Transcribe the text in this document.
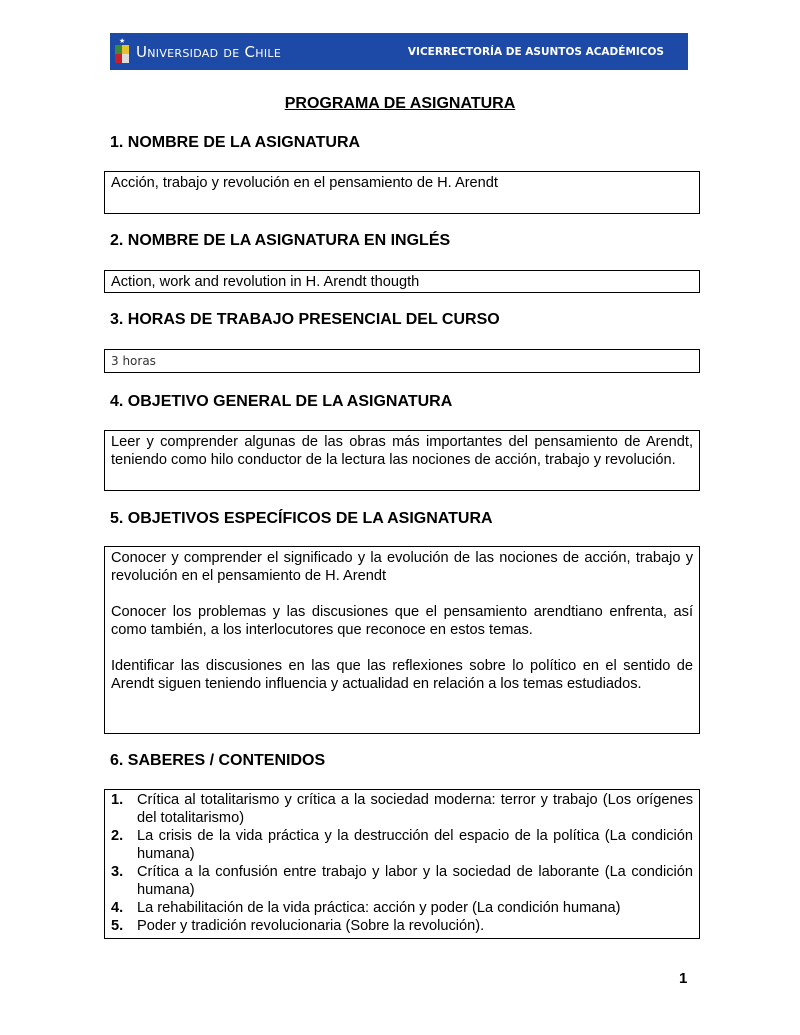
★
Universidad de Chile	VICERRECTORÍA DE ASUNTOS ACADÉMICOS
PROGRAMA DE ASIGNATURA
1. NOMBRE DE LA ASIGNATURA

Acción, trabajo y revolución en el pensamiento de H. Arendt

2. NOMBRE DE LA ASIGNATURA EN INGLÉS

Action, work and revolution in H. Arendt thougth

3. HORAS DE TRABAJO PRESENCIAL DEL CURSO

3 horas

4. OBJETIVO GENERAL DE LA ASIGNATURA

Leer y comprender algunas de las obras más importantes del pensamiento de Arendt, teniendo como hilo conductor de la lectura las nociones de acción, trabajo y revolución.

5. OBJETIVOS ESPECÍFICOS DE LA ASIGNATURA

Conocer y comprender el significado y la evolución de las nociones de acción, trabajo y revolución en el pensamiento de H. Arendt

Conocer los problemas y las discusiones que el pensamiento arendtiano enfrenta, así como también, a los interlocutores que reconoce en estos temas.

Identificar las discusiones en las que las reflexiones sobre lo político en el sentido de Arendt siguen teniendo influencia y actualidad en relación a los temas estudiados.

6. SABERES / CONTENIDOS
1. Crítica al totalitarismo y crítica a la sociedad moderna: terror y trabajo (Los orígenes del totalitarismo)
2. La crisis de la vida práctica y la destrucción del espacio de la política (La condición humana)
3. Crítica a la confusión entre trabajo y labor y la sociedad de laborante (La condición humana)
4. La rehabilitación de la vida práctica: acción y poder (La condición humana)
5. Poder y tradición revolucionaria (Sobre la revolución).
1
